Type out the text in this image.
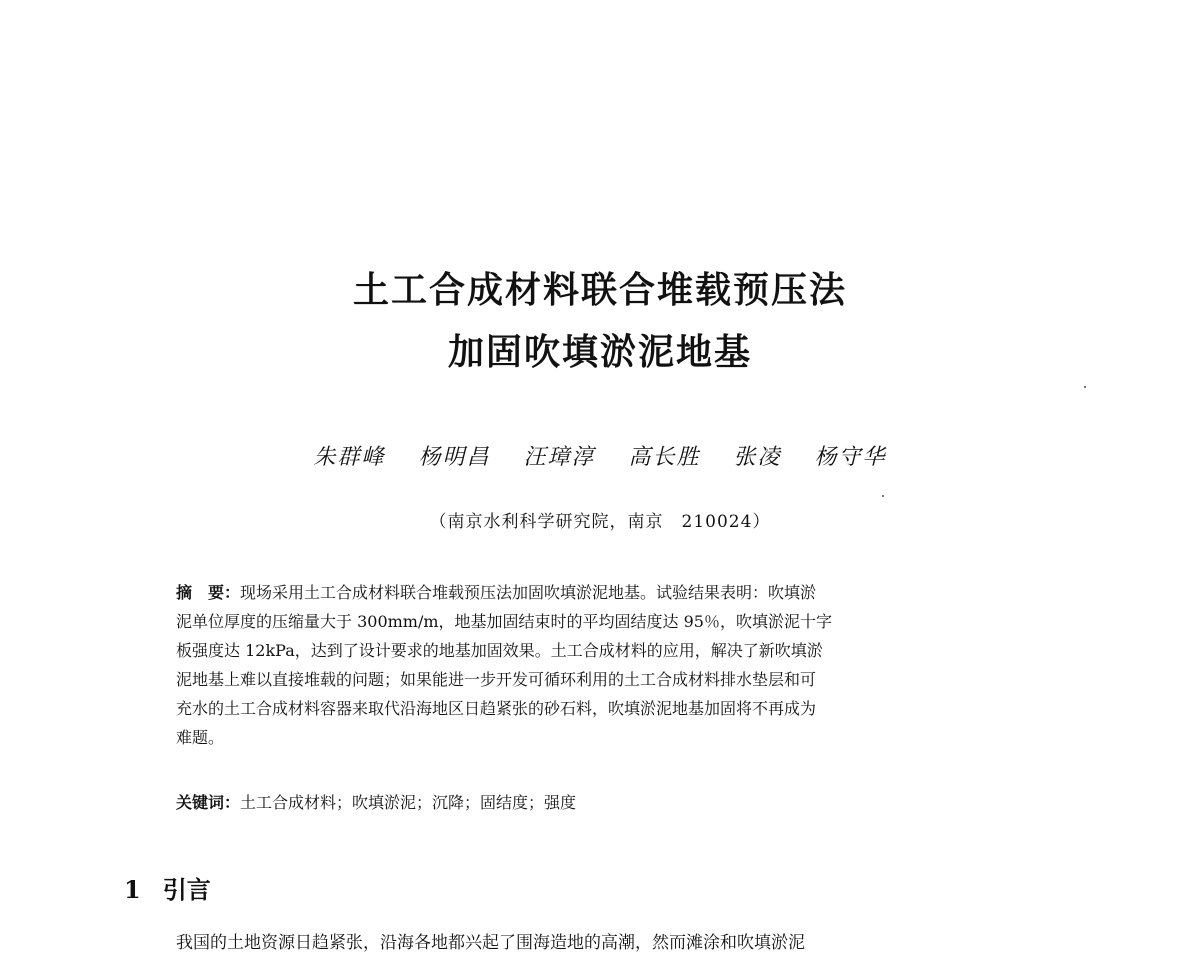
土工合成材料联合堆载预压法
加固吹填淤泥地基
朱群峰 杨明昌 汪璋淳 高长胜 张凌 杨守华
（南京水利科学研究院，南京　210024）
摘　要：现场采用土工合成材料联合堆载预压法加固吹填淤泥地基。试验结果表明：吹填淤
泥单位厚度的压缩量大于 300mm/m，地基加固结束时的平均固结度达 95％，吹填淤泥十字
板强度达 12kPa，达到了设计要求的地基加固效果。土工合成材料的应用，解决了新吹填淤
泥地基上难以直接堆载的问题；如果能进一步开发可循环利用的土工合成材料排水垫层和可
充水的土工合成材料容器来取代沿海地区日趋紧张的砂石料，吹填淤泥地基加固将不再成为
难题。
关键词：土工合成材料；吹填淤泥；沉降；固结度；强度
1 引言
我国的土地资源日趋紧张，沿海各地都兴起了围海造地的高潮，然而滩涂和吹填淤泥
